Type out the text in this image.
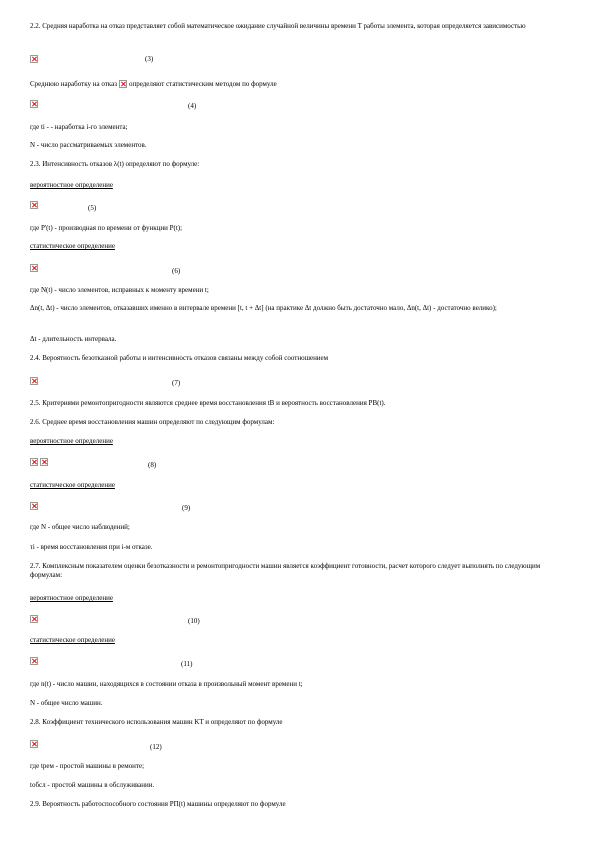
2.2. Средняя наработка на отказ представляет собой математическое ожидание случайной величины времени T работы элемента, которая определяется зависимостью
(3)
Среднюю наработку на отказ определяют статистическим методом по формуле
(4)
где ti - - наработка i-го элемента;
N - число рассматриваемых элементов.
2.3. Интенсивность отказов λ(t) определяют по формуле:
вероятностное определение
(5)
где P'(t) - производная по времени от функции P(t);
статистическое определение
(6)
где N(t) - число элементов, исправных к моменту времени t;
Δn(t, Δt) - число элементов, отказавших именно в интервале времени [t, t + Δt] (на практике Δt должно быть достаточно мало, Δn(t, Δt) - достаточно велико);
Δt - длительность интервала.
2.4. Вероятность безотказной работы и интенсивность отказов связаны между собой соотношением
(7)
2.5. Критериями ремонтопригодности являются среднее время восстановления tB и вероятность восстановления PB(t).
2.6. Среднее время восстановления машин определяют по следующим формулам:
вероятностное определение
(8)
статистическое определение
(9)
где N - общее число наблюдений;
τi - время восстановления при i-м отказе.
2.7. Комплексным показателем оценки безотказности и ремонтопригодности машин является коэффициент готовности, расчет которого следует выполнять по следующим формулам:
вероятностное определение
(10)
статистическое определение
(11)
где n(t) - число машин, находящихся в состоянии отказа в произвольный момент времени t;
N - общее число машин.
2.8. Коэффициент технического использования машин KT и определяют по формуле
(12)
где tрем - простой машины в ремонте;
tобсл - простой машины в обслуживании.
2.9. Вероятность работоспособного состояния PП(t) машины определяют по формуле
